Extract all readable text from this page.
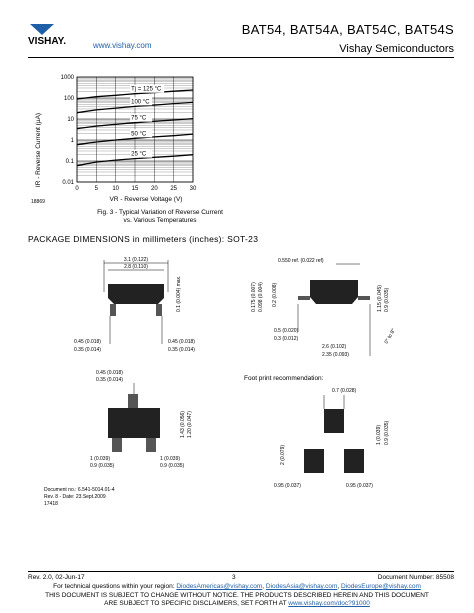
VISHAY.	www.vishay.com
BAT54, BAT54A, BAT54C, BAT54S
Vishay Semiconductors
0	5 10 15 20 25 30
0.01
0.1
1
10
100
1000
Tj = 125 °C
100 °C
75 °C
50 °C
25 °C
VR - Reverse Voltage (V)
IR - Reverse Current (µA)
18869
Fig. 3 - Typical Variation of Reverse Current
vs. Various Temperatures
PACKAGE DIMENSIONS in millimeters (inches): SOT-23
3.1 (0.122)
2.8 (0.110)
0.1 (0.004) max.
0.45 (0.018)
0.35 (0.014)
0.45 (0.018)
0.35 (0.014)
0.550 ref. (0.022 ref)
0.175 (0.007) 0.098 (0.004) 0.2 (0.008)	1.15 (0.045) 0.9 (0.035)
0.5 (0.020)
0.3 (0.012)
2.6 (0.102)
2.35 (0.093)
0° to 8°
0.45 (0.018)
0.35 (0.014)
1.43 (0.056) 1.20 (0.047)
1 (0.039)
0.9 (0.035)
1 (0.039)
0.9 (0.035)
Foot print recommendation:
0.7 (0.028)
2 (0.079)
1 (0.039) 0.9 (0.035)
0.95 (0.037)	0.95 (0.037)
Document no.: 6.541-5014.01-4
Rev. 8 - Date: 23.Sept.2009
17418
Rev. 2.0, 02-Jun-17	3	Document Number: 85508
For technical questions within your region: DiodesAmericas@vishay.com, DiodesAsia@vishay.com, DiodesEurope@vishay.com
THIS DOCUMENT IS SUBJECT TO CHANGE WITHOUT NOTICE. THE PRODUCTS DESCRIBED HEREIN AND THIS DOCUMENT
ARE SUBJECT TO SPECIFIC DISCLAIMERS, SET FORTH AT www.vishay.com/doc?91000
